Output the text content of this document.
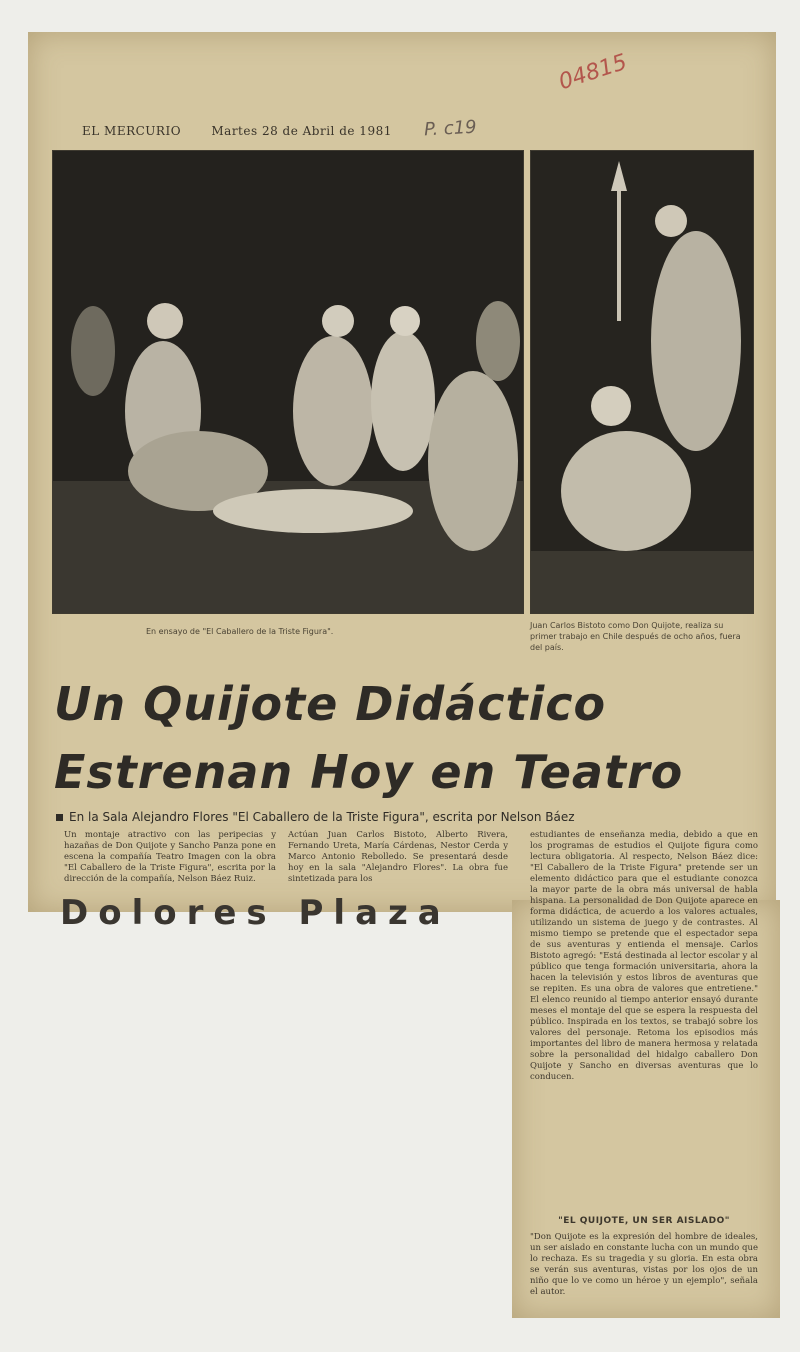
EL MERCURIO	Martes 28 de Abril de 1981	P. c19
04815
En ensayo de "El Caballero de la Triste Figura".
Juan Carlos Bistoto como Don Quijote, realiza su primer trabajo en Chile después de ocho años, fuera del país.
Un Quijote Didáctico
Estrenan Hoy en Teatro
En la Sala Alejandro Flores "El Caballero de la Triste Figura", escrita por Nelson Báez
Un montaje atractivo con las peripecias y hazañas de Don Quijote y Sancho Panza pone en escena la compañía Teatro Imagen con la obra "El Caballero de la Triste Figura", escrita por la dirección de la compañía, Nelson Báez Ruiz.
Actúan Juan Carlos Bistoto, Alberto Rivera, Fernando Ureta, María Cárdenas, Nestor Cerda y Marco Antonio Rebolledo. Se presentará desde hoy en la sala "Alejandro Flores". La obra fue sintetizada para los
estudiantes de enseñanza media, debido a que en los programas de estudios el Quijote figura como lectura obligatoria. Al respecto, Nelson Báez dice: "El Caballero de la Triste Figura" pretende ser un elemento didáctico para que el estudiante conozca la mayor parte de la obra más universal de habla hispana. La personalidad de Don Quijote aparece en forma didáctica, de acuerdo a los valores actuales, utilizando un sistema de juego y de contrastes. Al mismo tiempo se pretende que el espectador sepa de sus aventuras y entienda el mensaje. Carlos Bistoto agregó: "Está destinada al lector escolar y al público que tenga formación universitaria, ahora la hacen la televisión y estos libros de aventuras que se repiten. Es una obra de valores que entretiene." El elenco reunido al tiempo anterior ensayó durante meses el montaje del que se espera la respuesta del público. Inspirada en los textos, se trabajó sobre los valores del personaje. Retoma los episodios más importantes del libro de manera hermosa y relatada sobre la personalidad del hidalgo caballero Don Quijote y Sancho en diversas aventuras que lo conducen.
"EL QUIJOTE, UN SER AISLADO"
"Don Quijote es la expresión del hombre de ideales, un ser aislado en constante lucha con un mundo que lo rechaza. Es su tragedia y su gloria. En esta obra se verán sus aventuras, vistas por los ojos de un niño que lo ve como un héroe y un ejemplo", señala el autor.
Dolores Plaza
